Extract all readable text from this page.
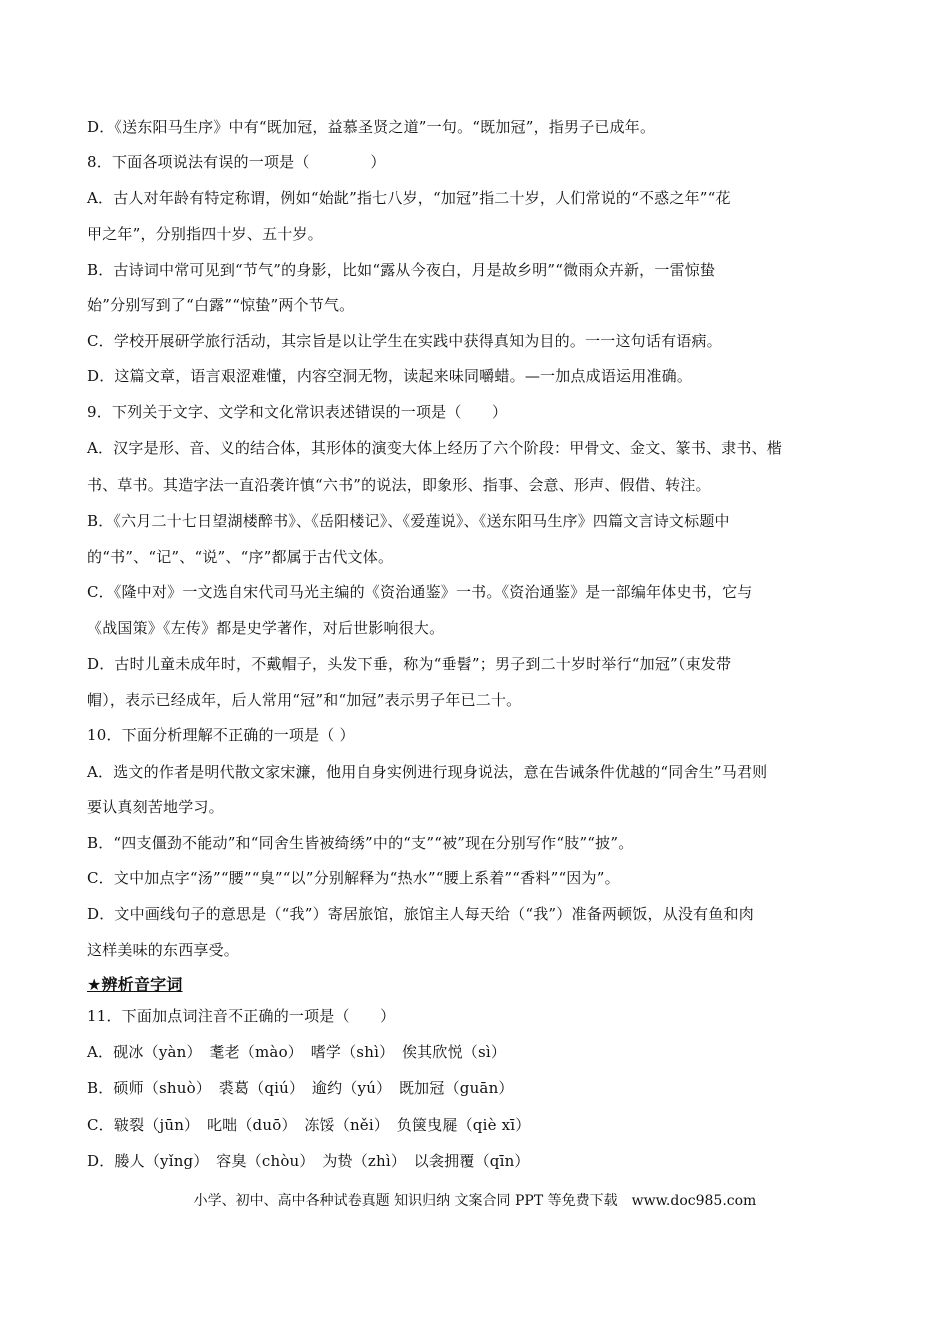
D．《送东阳马生序》中有“既加冠，益慕圣贤之道”一句。“既加冠”，指男子已成年。
8．下面各项说法有误的一项是（　　　　）
A．古人对年龄有特定称谓，例如“始龀”指七八岁，“加冠”指二十岁，人们常说的“不惑之年”“花
甲之年”，分别指四十岁、五十岁。
B．古诗词中常可见到“节气”的身影，比如“露从今夜白，月是故乡明”“微雨众卉新，一雷惊蛰
始”分别写到了“白露”“惊蛰”两个节气。
C．学校开展研学旅行活动，其宗旨是以让学生在实践中获得真知为目的。一一这句话有语病。
D．这篇文章，语言艰涩难懂，内容空洞无物，读起来味同嚼蜡。—一加点成语运用准确。
9．下列关于文字、文学和文化常识表述错误的一项是（　　）
A．汉字是形、音、义的结合体，其形体的演变大体上经历了六个阶段：甲骨文、金文、篆书、隶书、楷
书、草书。其造字法一直沿袭许慎“六书”的说法，即象形、指事、会意、形声、假借、转注。
B．《六月二十七日望湖楼醉书》、《岳阳楼记》、《爱莲说》、《送东阳马生序》四篇文言诗文标题中
的“书”、“记”、“说”、“序”都属于古代文体。
C．《隆中对》一文选自宋代司马光主编的《资治通鉴》一书。《资治通鉴》是一部编年体史书，它与
《战国策》《左传》都是史学著作，对后世影响很大。
D．古时儿童未成年时，不戴帽子，头发下垂，称为“垂髫”；男子到二十岁时举行“加冠”（束发带
帽），表示已经成年，后人常用“冠”和“加冠”表示男子年已二十。
10．下面分析理解不正确的一项是（ ）
A．选文的作者是明代散文家宋濂，他用自身实例进行现身说法，意在告诫条件优越的“同舍生”马君则
要认真刻苦地学习。
B．“四支僵劲不能动”和“同舍生皆被绮绣”中的“支”“被”现在分别写作“肢”“披”。
C．文中加点字“汤”“腰”“臭”“以”分别解释为“热水”“腰上系着”“香料”“因为”。
D．文中画线句子的意思是（“我”）寄居旅馆，旅馆主人每天给（“我”）准备两顿饭，从没有鱼和肉
这样美味的东西享受。
★辨析音字词
11．下面加点词注音不正确的一项是（　　）
A．砚冰（yàn）　耄老（mào）　嗜学（shì）　俟其欣悦（sì）
B．硕师（shuò）　裘葛（qiú）　逾约（yú）　既加冠（guān）
C．皲裂（jūn）　叱咄（duō）　冻馁（něi）　负箧曳屣（qiè xī）
D．媵人（yǐng）　容臭（chòu）　为贽（zhì）　以衾拥覆（qīn）
小学、初中、高中各种试卷真题 知识归纳 文案合同 PPT 等免费下载　www.doc985.com
